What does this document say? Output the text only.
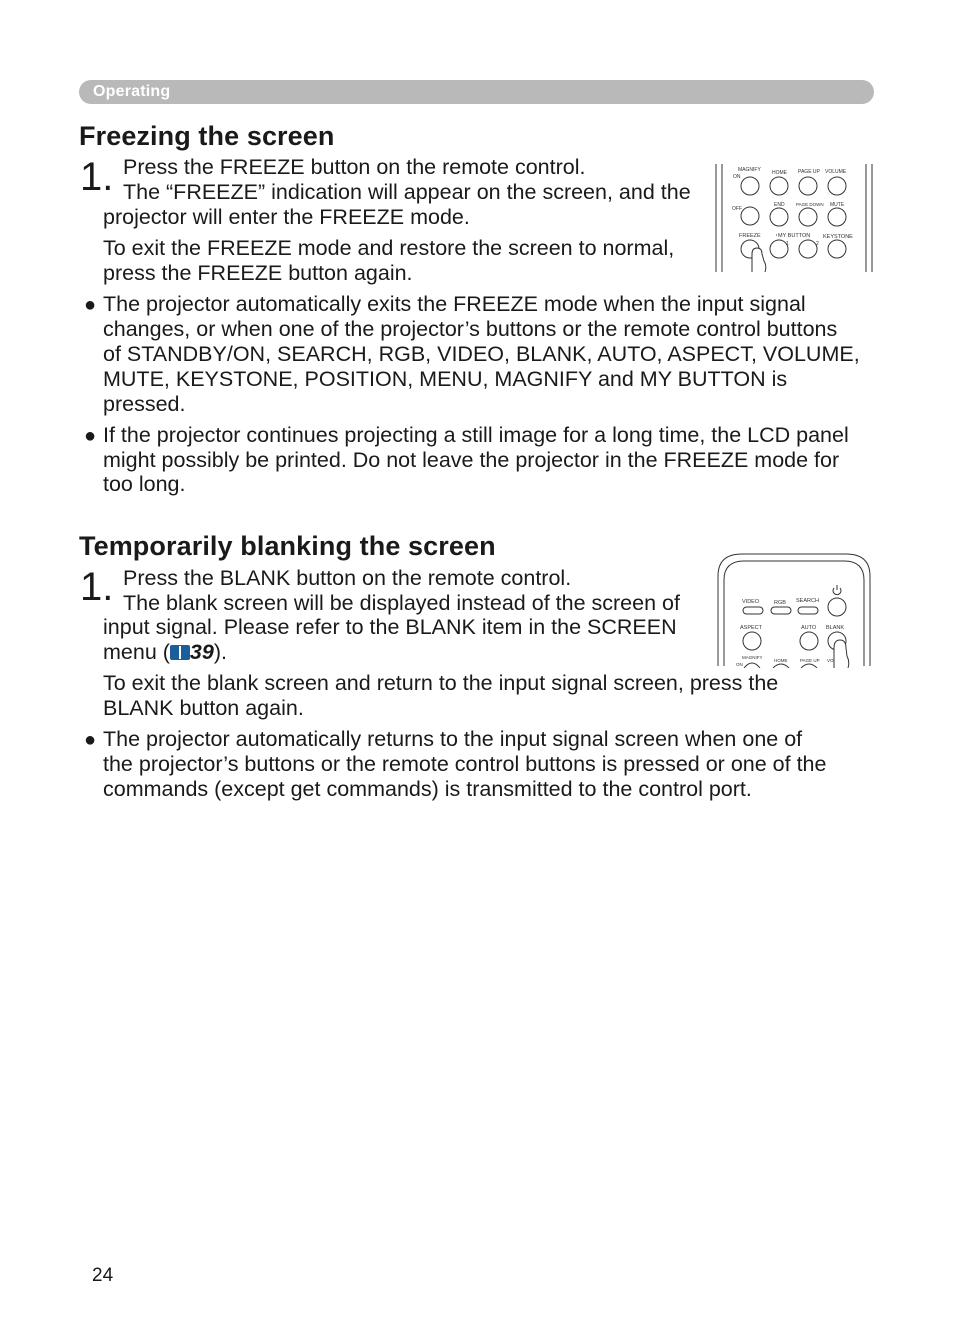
Operating
Freezing the screen
1. Press the FREEZE button on the remote control.
The “FREEZE” indication will appear on the screen, and the
projector will enter the FREEZE mode.
To exit the FREEZE mode and restore the screen to normal,
press the FREEZE button again.
● The projector automatically exits the FREEZE mode when the input signal
changes, or when one of the projector’s buttons or the remote control buttons
of STANDBY/ON, SEARCH, RGB, VIDEO, BLANK, AUTO, ASPECT, VOLUME,
MUTE, KEYSTONE, POSITION, MENU, MAGNIFY and MY BUTTON is
pressed.
● If the projector continues projecting a still image for a long time, the LCD panel
might possibly be printed. Do not leave the projector in the FREEZE mode for
too long.
MAGNIFY
ON
OFF
HOME PAGE UP VOLUME
END	PAGE DOWN MUTE
FREEZE	MY BUTTON KEYSTONE
1	2
Temporarily blanking the screen
1. Press the BLANK button on the remote control.
The blank screen will be displayed instead of the screen of
input signal. Please refer to the BLANK item in the SCREEN
menu ( 39).
To exit the blank screen and return to the input signal screen, press the
BLANK button again.
● The projector automatically returns to the input signal screen when one of
the projector’s buttons or the remote control buttons is pressed or one of the
commands (except get commands) is transmitted to the control port.
VIDEO	RGB SEARCH
ASPECT	AUTO BLANK
MAGNIFY
ON
HOME	PAGE UP VO
24
